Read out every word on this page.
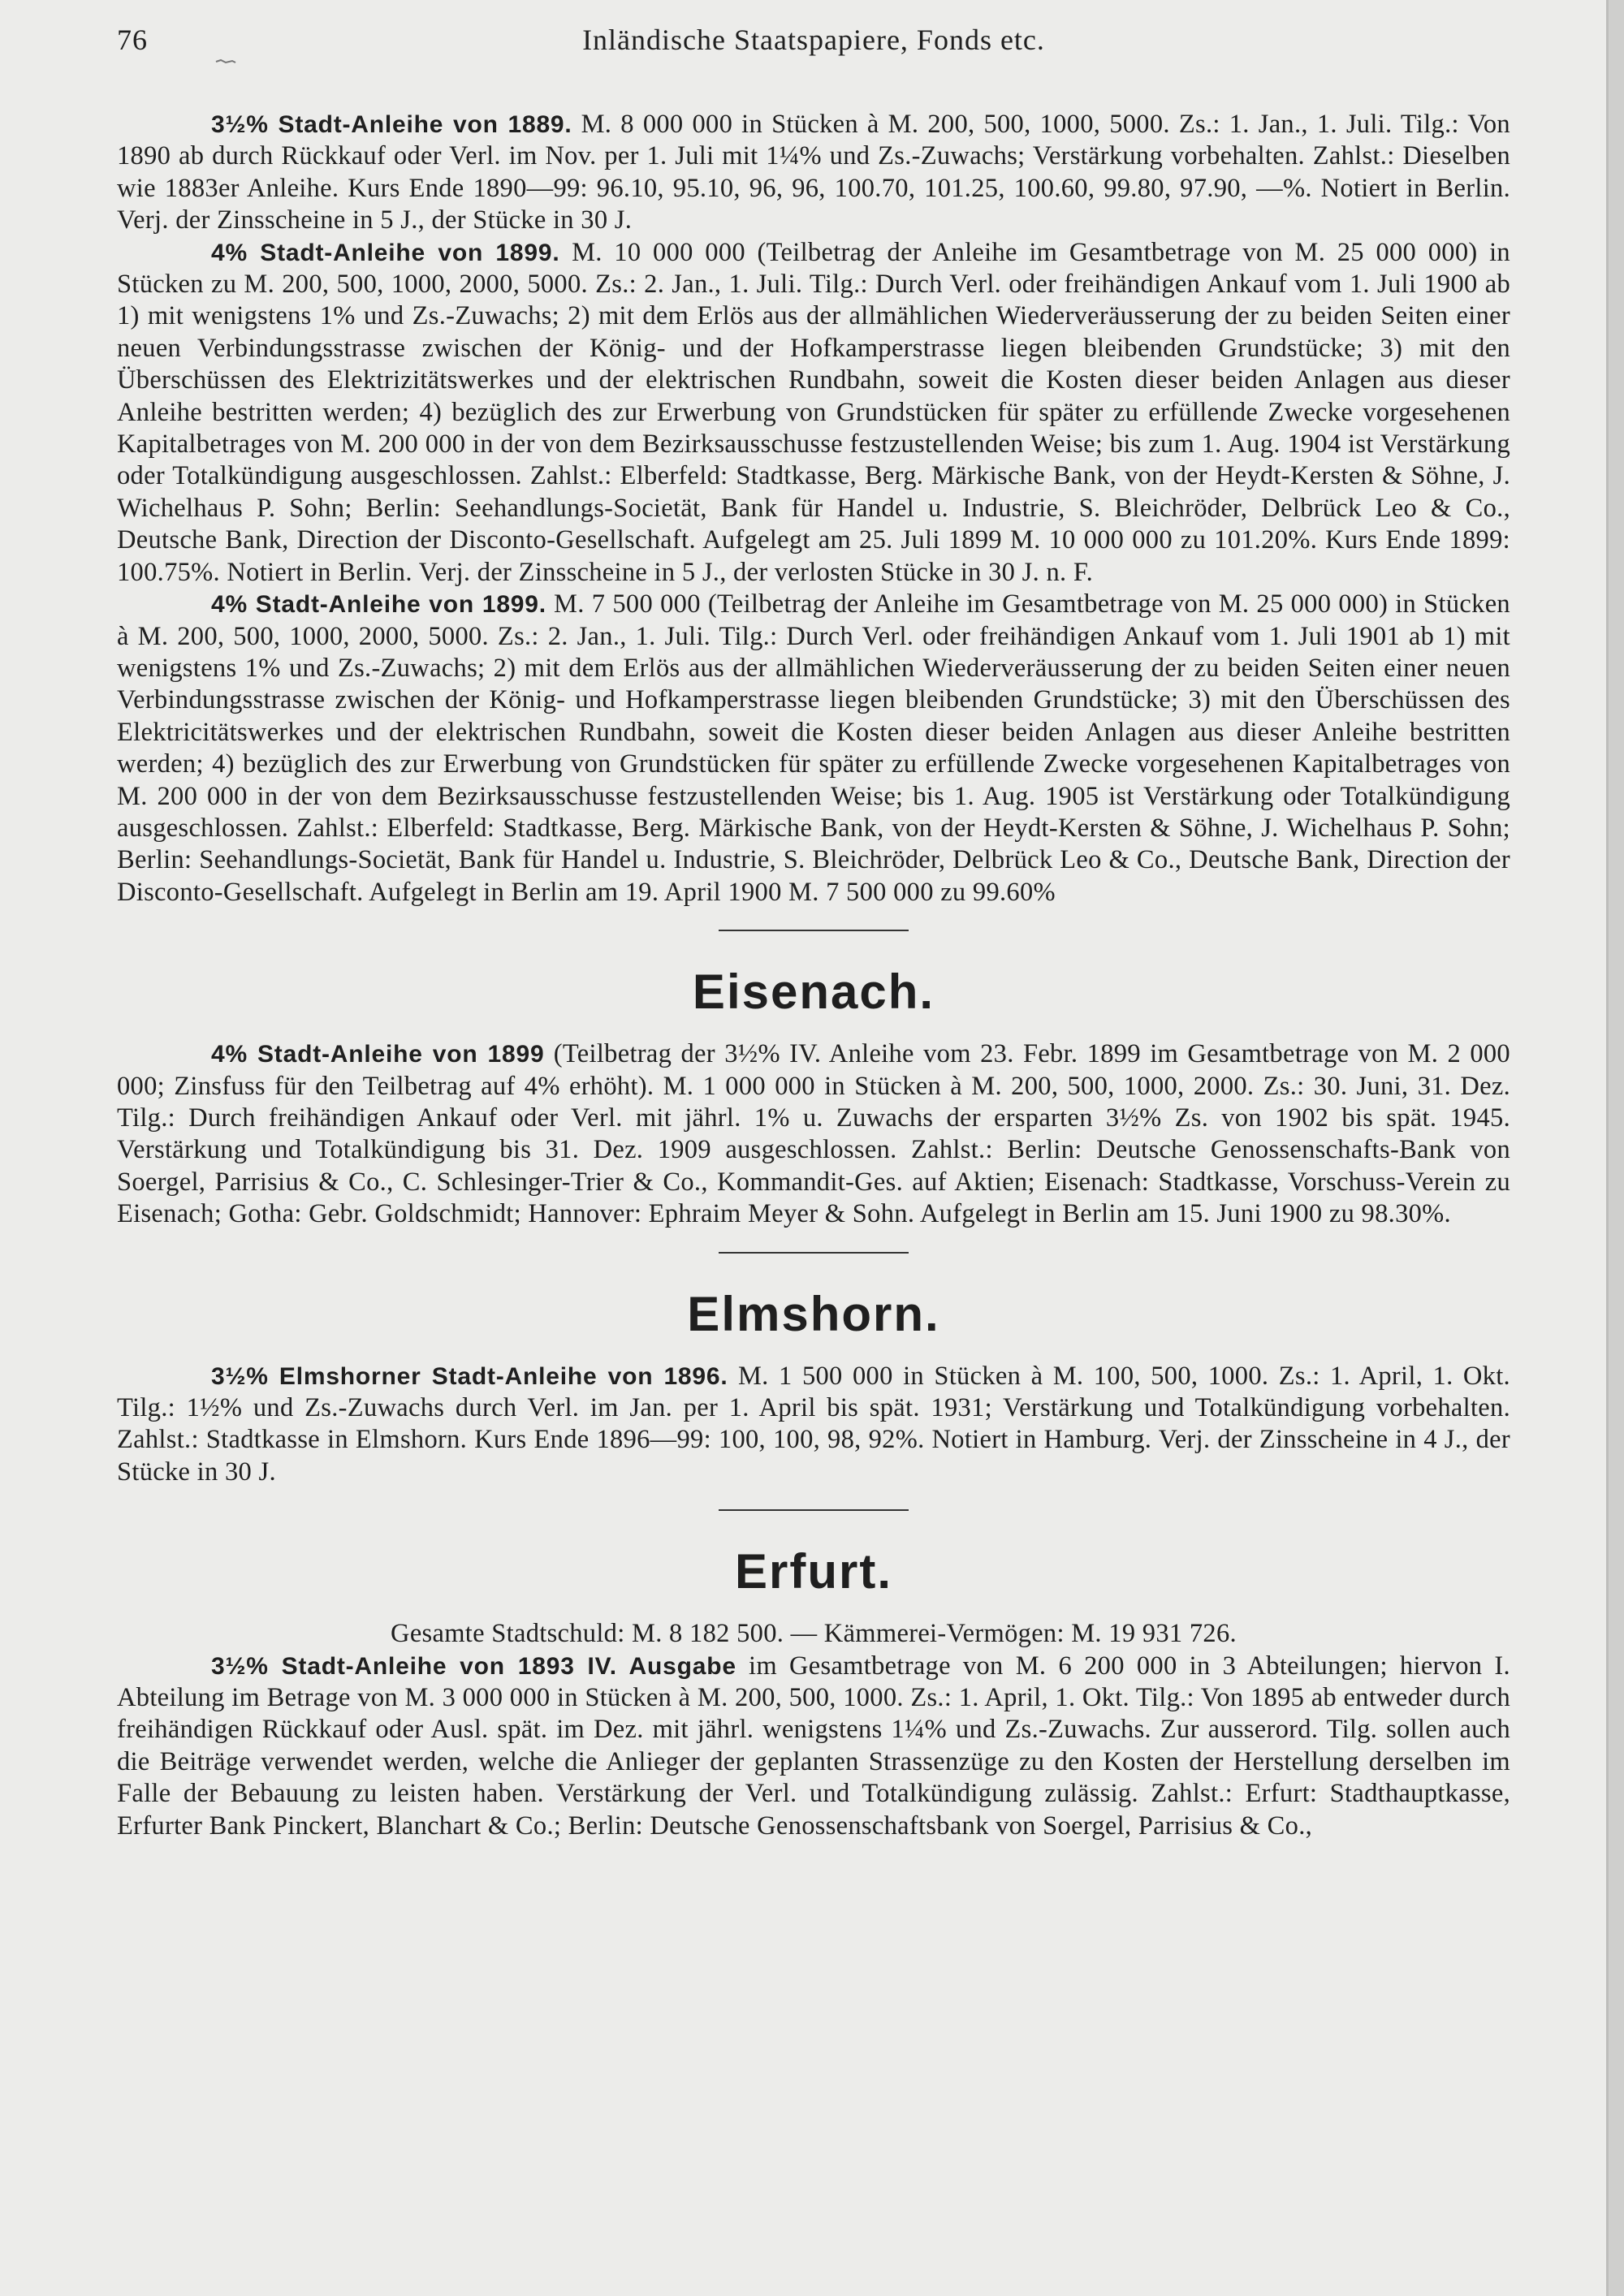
76	Inländische Staatspapiere, Fonds etc.

3½% Stadt-Anleihe von 1889. M. 8 000 000 in Stücken à M. 200, 500, 1000, 5000. Zs.: 1. Jan., 1. Juli. Tilg.: Von 1890 ab durch Rückkauf oder Verl. im Nov. per 1. Juli mit 1¼% und Zs.-Zuwachs; Verstärkung vorbehalten. Zahlst.: Dieselben wie 1883er Anleihe. Kurs Ende 1890—99: 96.10, 95.10, 96, 96, 100.70, 101.25, 100.60, 99.80, 97.90, —%. Notiert in Berlin. Verj. der Zinsscheine in 5 J., der Stücke in 30 J.

4% Stadt-Anleihe von 1899. M. 10 000 000 (Teilbetrag der Anleihe im Gesamtbetrage von M. 25 000 000) in Stücken zu M. 200, 500, 1000, 2000, 5000. Zs.: 2. Jan., 1. Juli. Tilg.: Durch Verl. oder freihändigen Ankauf vom 1. Juli 1900 ab 1) mit wenigstens 1% und Zs.-Zuwachs; 2) mit dem Erlös aus der allmählichen Wiederveräusserung der zu beiden Seiten einer neuen Verbindungsstrasse zwischen der König- und der Hofkamperstrasse liegen bleibenden Grundstücke; 3) mit den Überschüssen des Elektrizitätswerkes und der elektrischen Rundbahn, soweit die Kosten dieser beiden Anlagen aus dieser Anleihe bestritten werden; 4) bezüglich des zur Erwerbung von Grundstücken für später zu erfüllende Zwecke vorgesehenen Kapitalbetrages von M. 200 000 in der von dem Bezirksausschusse festzustellenden Weise; bis zum 1. Aug. 1904 ist Verstärkung oder Totalkündigung ausgeschlossen. Zahlst.: Elberfeld: Stadtkasse, Berg. Märkische Bank, von der Heydt-Kersten & Söhne, J. Wichelhaus P. Sohn; Berlin: Seehandlungs-Societät, Bank für Handel u. Industrie, S. Bleichröder, Delbrück Leo & Co., Deutsche Bank, Direction der Disconto-Gesellschaft. Aufgelegt am 25. Juli 1899 M. 10 000 000 zu 101.20%. Kurs Ende 1899: 100.75%. Notiert in Berlin. Verj. der Zinsscheine in 5 J., der verlosten Stücke in 30 J. n. F.

4% Stadt-Anleihe von 1899. M. 7 500 000 (Teilbetrag der Anleihe im Gesamtbetrage von M. 25 000 000) in Stücken à M. 200, 500, 1000, 2000, 5000. Zs.: 2. Jan., 1. Juli. Tilg.: Durch Verl. oder freihändigen Ankauf vom 1. Juli 1901 ab 1) mit wenigstens 1% und Zs.-Zuwachs; 2) mit dem Erlös aus der allmählichen Wiederveräusserung der zu beiden Seiten einer neuen Verbindungsstrasse zwischen der König- und Hofkamperstrasse liegen bleibenden Grundstücke; 3) mit den Überschüssen des Elektricitätswerkes und der elektrischen Rundbahn, soweit die Kosten dieser beiden Anlagen aus dieser Anleihe bestritten werden; 4) bezüglich des zur Erwerbung von Grundstücken für später zu erfüllende Zwecke vorgesehenen Kapitalbetrages von M. 200 000 in der von dem Bezirksausschusse festzustellenden Weise; bis 1. Aug. 1905 ist Verstärkung oder Totalkündigung ausgeschlossen. Zahlst.: Elberfeld: Stadtkasse, Berg. Märkische Bank, von der Heydt-Kersten & Söhne, J. Wichelhaus P. Sohn; Berlin: Seehandlungs-Societät, Bank für Handel u. Industrie, S. Bleichröder, Delbrück Leo & Co., Deutsche Bank, Direction der Disconto-Gesellschaft. Aufgelegt in Berlin am 19. April 1900 M. 7 500 000 zu 99.60%

Eisenach.

4% Stadt-Anleihe von 1899 (Teilbetrag der 3½% IV. Anleihe vom 23. Febr. 1899 im Gesamtbetrage von M. 2 000 000; Zinsfuss für den Teilbetrag auf 4% erhöht). M. 1 000 000 in Stücken à M. 200, 500, 1000, 2000. Zs.: 30. Juni, 31. Dez. Tilg.: Durch freihändigen Ankauf oder Verl. mit jährl. 1% u. Zuwachs der ersparten 3½% Zs. von 1902 bis spät. 1945. Verstärkung und Totalkündigung bis 31. Dez. 1909 ausgeschlossen. Zahlst.: Berlin: Deutsche Genossenschafts-Bank von Soergel, Parrisius & Co., C. Schlesinger-Trier & Co., Kommandit-Ges. auf Aktien; Eisenach: Stadtkasse, Vorschuss-Verein zu Eisenach; Gotha: Gebr. Goldschmidt; Hannover: Ephraim Meyer & Sohn. Aufgelegt in Berlin am 15. Juni 1900 zu 98.30%.

Elmshorn.

3½% Elmshorner Stadt-Anleihe von 1896. M. 1 500 000 in Stücken à M. 100, 500, 1000. Zs.: 1. April, 1. Okt. Tilg.: 1½% und Zs.-Zuwachs durch Verl. im Jan. per 1. April bis spät. 1931; Verstärkung und Totalkündigung vorbehalten. Zahlst.: Stadtkasse in Elmshorn. Kurs Ende 1896—99: 100, 100, 98, 92%. Notiert in Hamburg. Verj. der Zinsscheine in 4 J., der Stücke in 30 J.

Erfurt.

Gesamte Stadtschuld: M. 8 182 500. — Kämmerei-Vermögen: M. 19 931 726.

3½% Stadt-Anleihe von 1893 IV. Ausgabe im Gesamtbetrage von M. 6 200 000 in 3 Abteilungen; hiervon I. Abteilung im Betrage von M. 3 000 000 in Stücken à M. 200, 500, 1000. Zs.: 1. April, 1. Okt. Tilg.: Von 1895 ab entweder durch freihändigen Rückkauf oder Ausl. spät. im Dez. mit jährl. wenigstens 1¼% und Zs.-Zuwachs. Zur ausserord. Tilg. sollen auch die Beiträge verwendet werden, welche die Anlieger der geplanten Strassenzüge zu den Kosten der Herstellung derselben im Falle der Bebauung zu leisten haben. Verstärkung der Verl. und Totalkündigung zulässig. Zahlst.: Erfurt: Stadthauptkasse, Erfurter Bank Pinckert, Blanchart & Co.; Berlin: Deutsche Genossenschaftsbank von Soergel, Parrisius & Co.,
